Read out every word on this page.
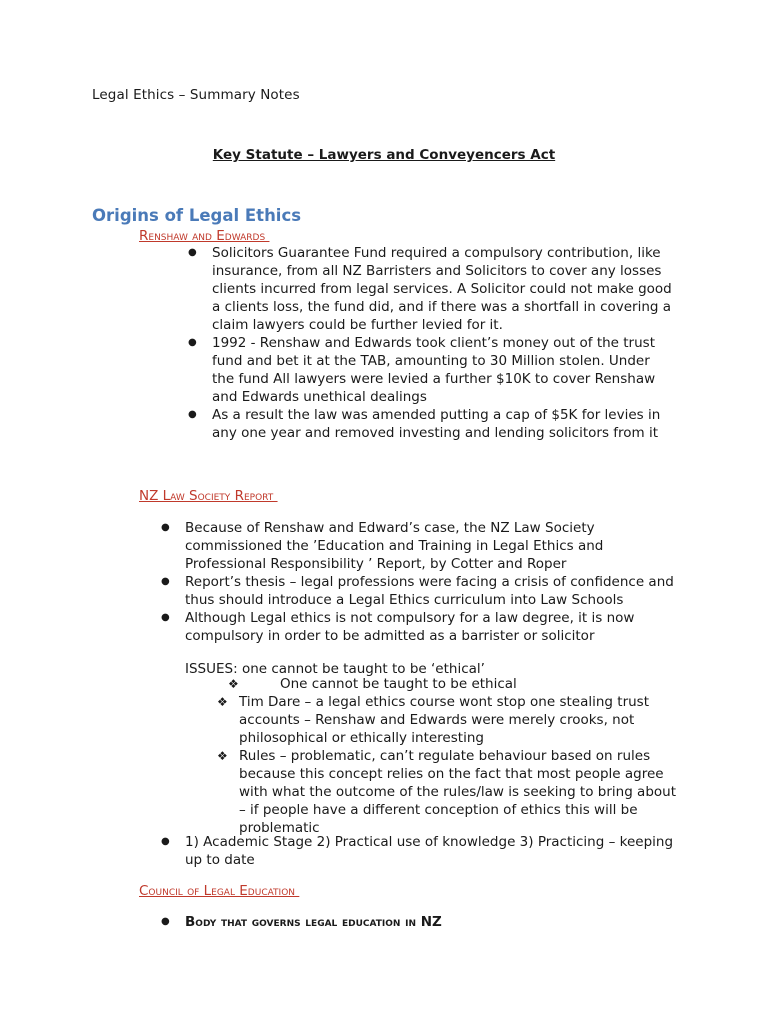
Legal Ethics – Summary Notes
Key Statute – Lawyers and Conveyencers Act
Origins of Legal Ethics
Renshaw and Edwards
● Solicitors Guarantee Fund required a compulsory contribution, like insurance, from all NZ Barristers and Solicitors to cover any losses clients incurred from legal services. A Solicitor could not make good a clients loss, the fund did, and if there was a shortfall in covering a claim lawyers could be further levied for it.
● 1992 - Renshaw and Edwards took client’s money out of the trust fund and bet it at the TAB, amounting to 30 Million stolen. Under the fund All lawyers were levied a further $10K to cover Renshaw and Edwards unethical dealings
● As a result the law was amended putting a cap of $5K for levies in any one year and removed investing and lending solicitors from it
NZ Law Society Report
● Because of Renshaw and Edward’s case, the NZ Law Society commissioned the ’Education and Training in Legal Ethics and Professional Responsibility ’ Report, by Cotter and Roper
● Report’s thesis – legal professions were facing a crisis of confidence and thus should introduce a Legal Ethics curriculum into Law Schools
● Although Legal ethics is not compulsory for a law degree, it is now compulsory in order to be admitted as a barrister or solicitor
ISSUES: one cannot be taught to be ‘ethical’
❖	One cannot be taught to be ethical
❖ Tim Dare – a legal ethics course wont stop one stealing trust accounts – Renshaw and Edwards were merely crooks, not philosophical or ethically interesting
❖ Rules – problematic, can’t regulate behaviour based on rules because this concept relies on the fact that most people agree with what the outcome of the rules/law is seeking to bring about – if people have a different conception of ethics this will be problematic
● 1) Academic Stage 2) Practical use of knowledge 3) Practicing – keeping up to date
Council of Legal Education
● Body that governs legal education in NZ
